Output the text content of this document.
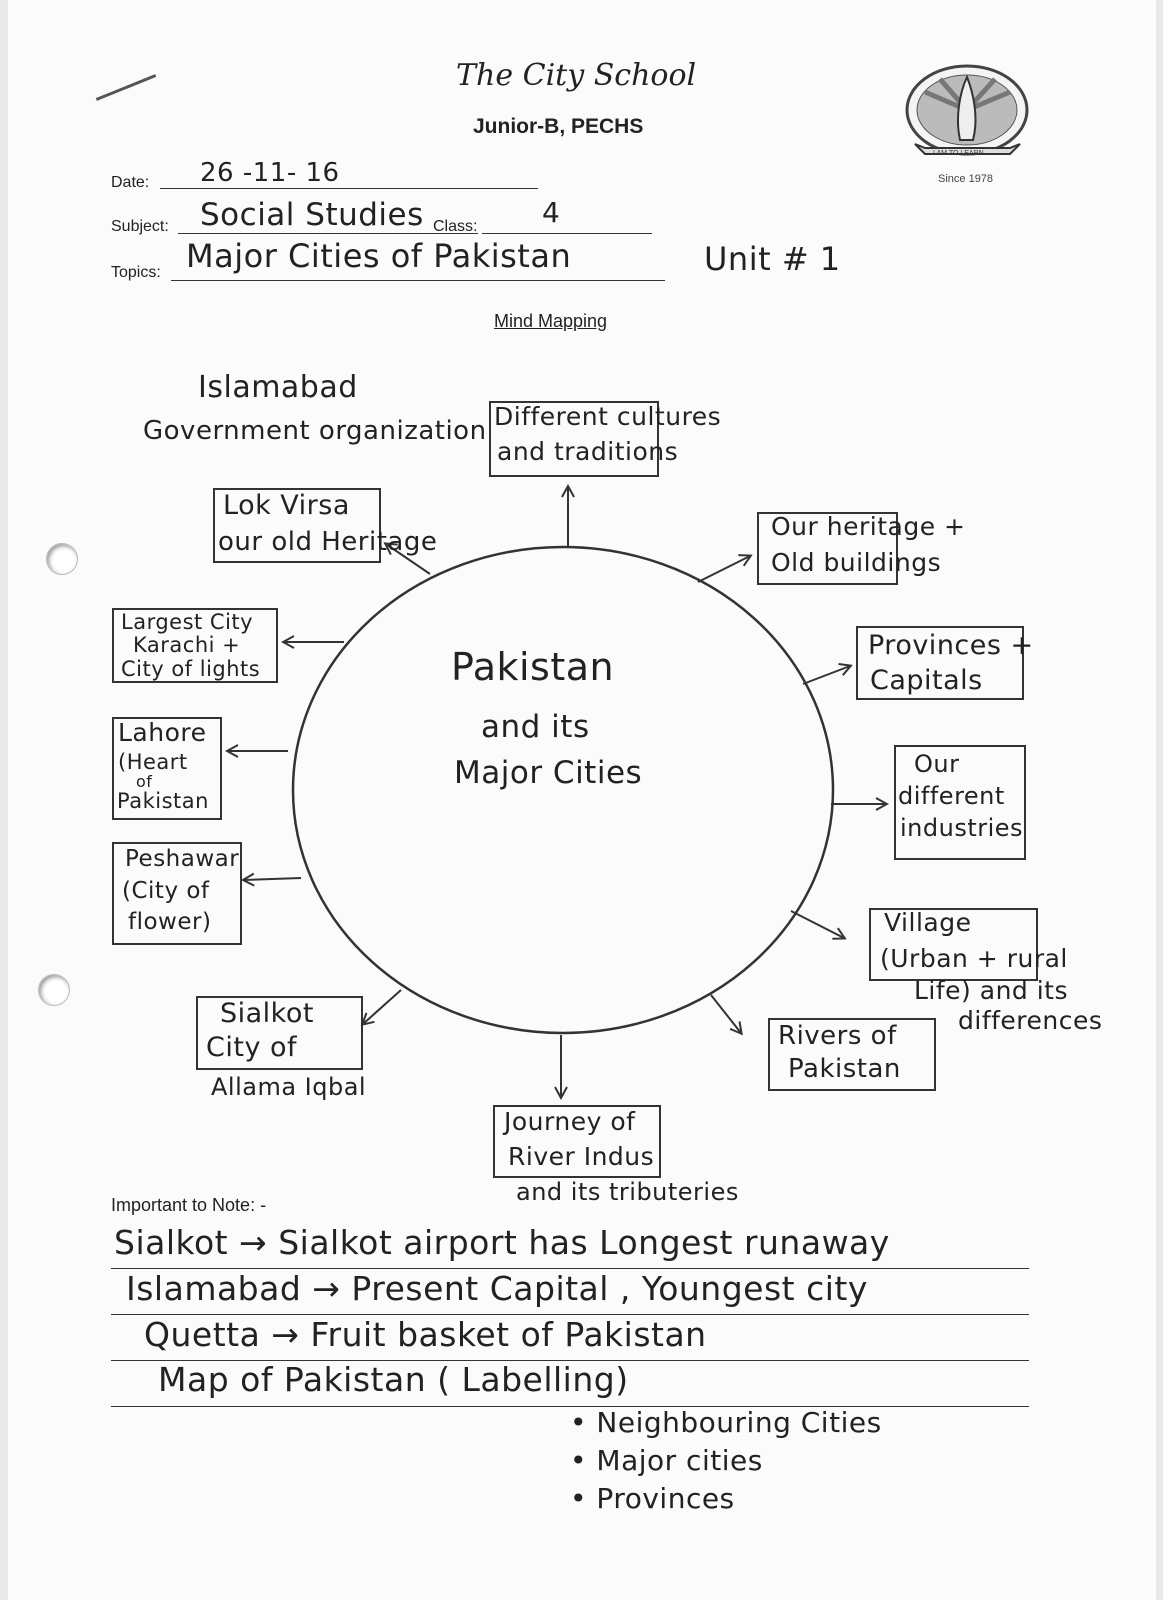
The City School
Junior-B, PECHS
I AM TO LEARN
Since 1978
Date: 26 -11- 16
Subject: Social Studies Class: 4
Topics: Major Cities of Pakistan	Unit # 1
Mind Mapping
Pakistan
and its
Major Cities
Islamabad
Government organization Different cultures
and traditions
Our heritage +
Old buildings
Provinces +
Capitals
Our
different
industries
Village
(Urban + rural
Life) and its
differences
Rivers of
Pakistan
Journey of
River Indus
and its tributeries
Sialkot
City of
Allama Iqbal
Peshawar
(City of
flower)
Lahore
(Heart
of
Pakistan
Largest City
Karachi +
City of lights
Lok Virsa
our old Heritage
Important to Note: -
Sialkot → Sialkot airport has Longest runaway
Islamabad → Present Capital , Youngest city
Quetta → Fruit basket of Pakistan
Map of Pakistan ( Labelling)
• Neighbouring Cities
• Major cities
• Provinces
